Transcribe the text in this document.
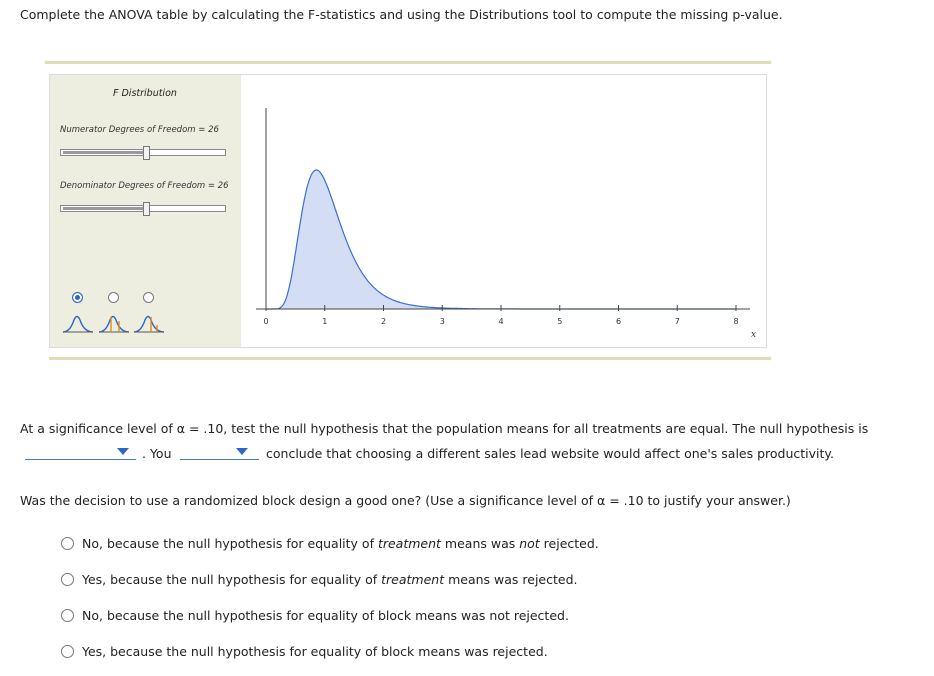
Complete the ANOVA table by calculating the F-statistics and using the Distributions tool to compute the missing p-value.
F Distribution
Numerator Degrees of Freedom = 26
Denominator Degrees of Freedom = 26
0	1	2	3	4	5	6	7	8
x
At a significance level of α = .10, test the null hypothesis that the population means for all treatments are equal. The null hypothesis is
. You	conclude that choosing a different sales lead website would affect one's sales productivity.
Was the decision to use a randomized block design a good one? (Use a significance level of α = .10 to justify your answer.)
No, because the null hypothesis for equality of treatment means was not rejected.
Yes, because the null hypothesis for equality of treatment means was rejected.
No, because the null hypothesis for equality of block means was not rejected.
Yes, because the null hypothesis for equality of block means was rejected.
